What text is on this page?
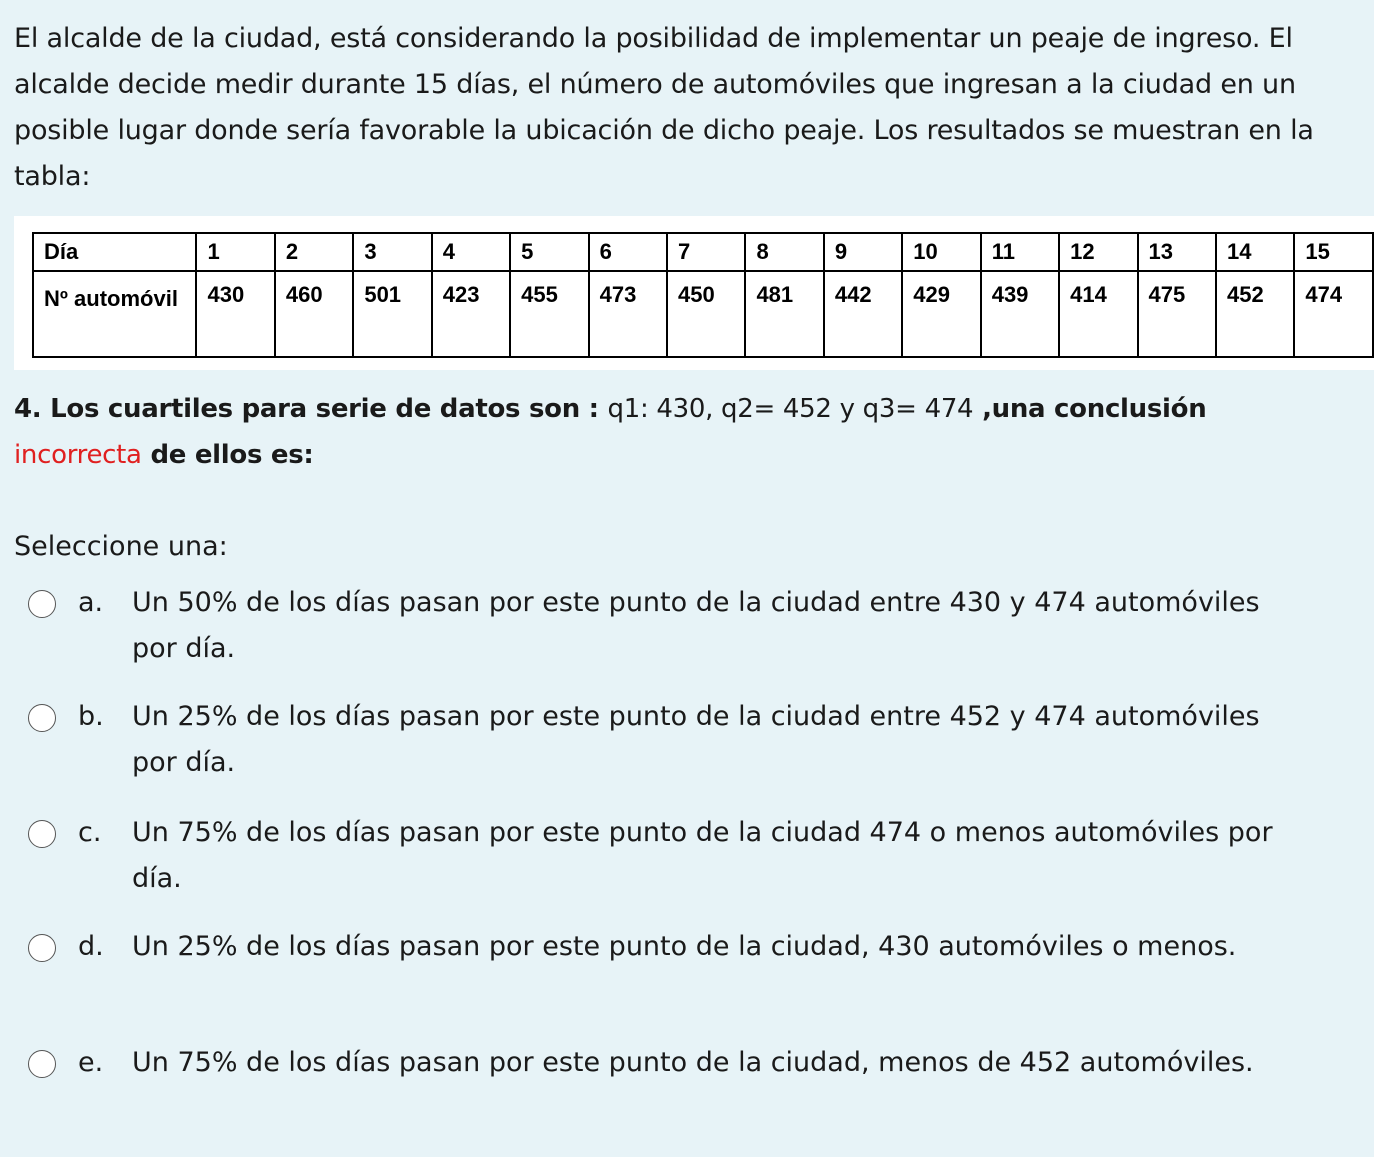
El alcalde de la ciudad, está considerando la posibilidad de implementar un peaje de ingreso. El alcalde decide medir durante 15 días, el número de automóviles que ingresan a la ciudad en un posible lugar donde sería favorable la ubicación de dicho peaje. Los resultados se muestran en la tabla:
Día	1	2	3	4	5	6	7	8	9	10	11	12	13	14	15
Nº automóvil	430	460	501	423	455	473	450	481	442	429	439	414	475	452	474
4. Los cuartiles para serie de datos son : q1: 430, q2= 452 y q3= 474 ,una conclusión
incorrecta de ellos es:
Seleccione una:
a. Un 50% de los días pasan por este punto de la ciudad entre 430 y 474 automóviles por día.
b. Un 25% de los días pasan por este punto de la ciudad entre 452 y 474 automóviles por día.
c. Un 75% de los días pasan por este punto de la ciudad 474 o menos automóviles por día.
d. Un 25% de los días pasan por este punto de la ciudad, 430 automóviles o menos.
e. Un 75% de los días pasan por este punto de la ciudad, menos de 452 automóviles.
